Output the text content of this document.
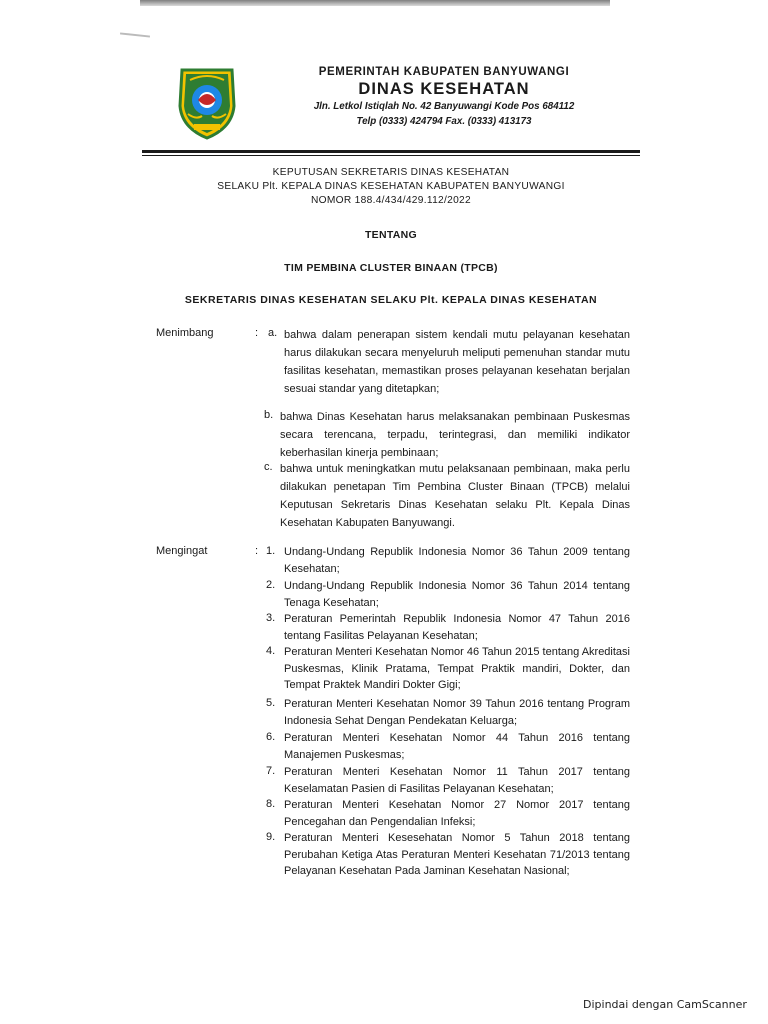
PEMERINTAH KABUPATEN BANYUWANGI
DINAS KESEHATAN
Jln. Letkol Istiqlah No. 42 Banyuwangi Kode Pos 684112
Telp (0333) 424794 Fax. (0333) 413173
KEPUTUSAN SEKRETARIS DINAS KESEHATAN
SELAKU Plt. KEPALA DINAS KESEHATAN KABUPATEN BANYUWANGI
NOMOR 188.4/434/429.112/2022
TENTANG
TIM PEMBINA CLUSTER BINAAN (TPCB)
SEKRETARIS DINAS KESEHATAN SELAKU Plt. KEPALA DINAS KESEHATAN
Menimbang	: a. bahwa dalam penerapan sistem kendali mutu pelayanan kesehatan harus dilakukan secara menyeluruh meliputi pemenuhan standar mutu fasilitas kesehatan, memastikan proses pelayanan kesehatan berjalan sesuai standar yang ditetapkan;
b. bahwa Dinas Kesehatan harus melaksanakan pembinaan Puskesmas secara terencana, terpadu, terintegrasi, dan memiliki indikator keberhasilan kinerja pembinaan;
c. bahwa untuk meningkatkan mutu pelaksanaan pembinaan, maka perlu dilakukan penetapan Tim Pembina Cluster Binaan (TPCB) melalui Keputusan Sekretaris Dinas Kesehatan selaku Plt. Kepala Dinas Kesehatan Kabupaten Banyuwangi.
Mengingat	: 1. Undang-Undang Republik Indonesia Nomor 36 Tahun 2009 tentang Kesehatan;
2. Undang-Undang Republik Indonesia Nomor 36 Tahun 2014 tentang Tenaga Kesehatan;
3. Peraturan Pemerintah Republik Indonesia Nomor 47 Tahun 2016 tentang Fasilitas Pelayanan Kesehatan;
4. Peraturan Menteri Kesehatan Nomor 46 Tahun 2015 tentang Akreditasi Puskesmas, Klinik Pratama, Tempat Praktik mandiri, Dokter, dan Tempat Praktek Mandiri Dokter Gigi;
5. Peraturan Menteri Kesehatan Nomor 39 Tahun 2016 tentang Program Indonesia Sehat Dengan Pendekatan Keluarga;
6. Peraturan Menteri Kesehatan Nomor 44 Tahun 2016 tentang Manajemen Puskesmas;
7. Peraturan Menteri Kesehatan Nomor 11 Tahun 2017 tentang Keselamatan Pasien di Fasilitas Pelayanan Kesehatan;
8. Peraturan Menteri Kesehatan Nomor 27 Nomor 2017 tentang Pencegahan dan Pengendalian Infeksi;
9. Peraturan Menteri Kesesehatan Nomor 5 Tahun 2018 tentang Perubahan Ketiga Atas Peraturan Menteri Kesehatan 71/2013 tentang Pelayanan Kesehatan Pada Jaminan Kesehatan Nasional;
Dipindai dengan CamScanner
